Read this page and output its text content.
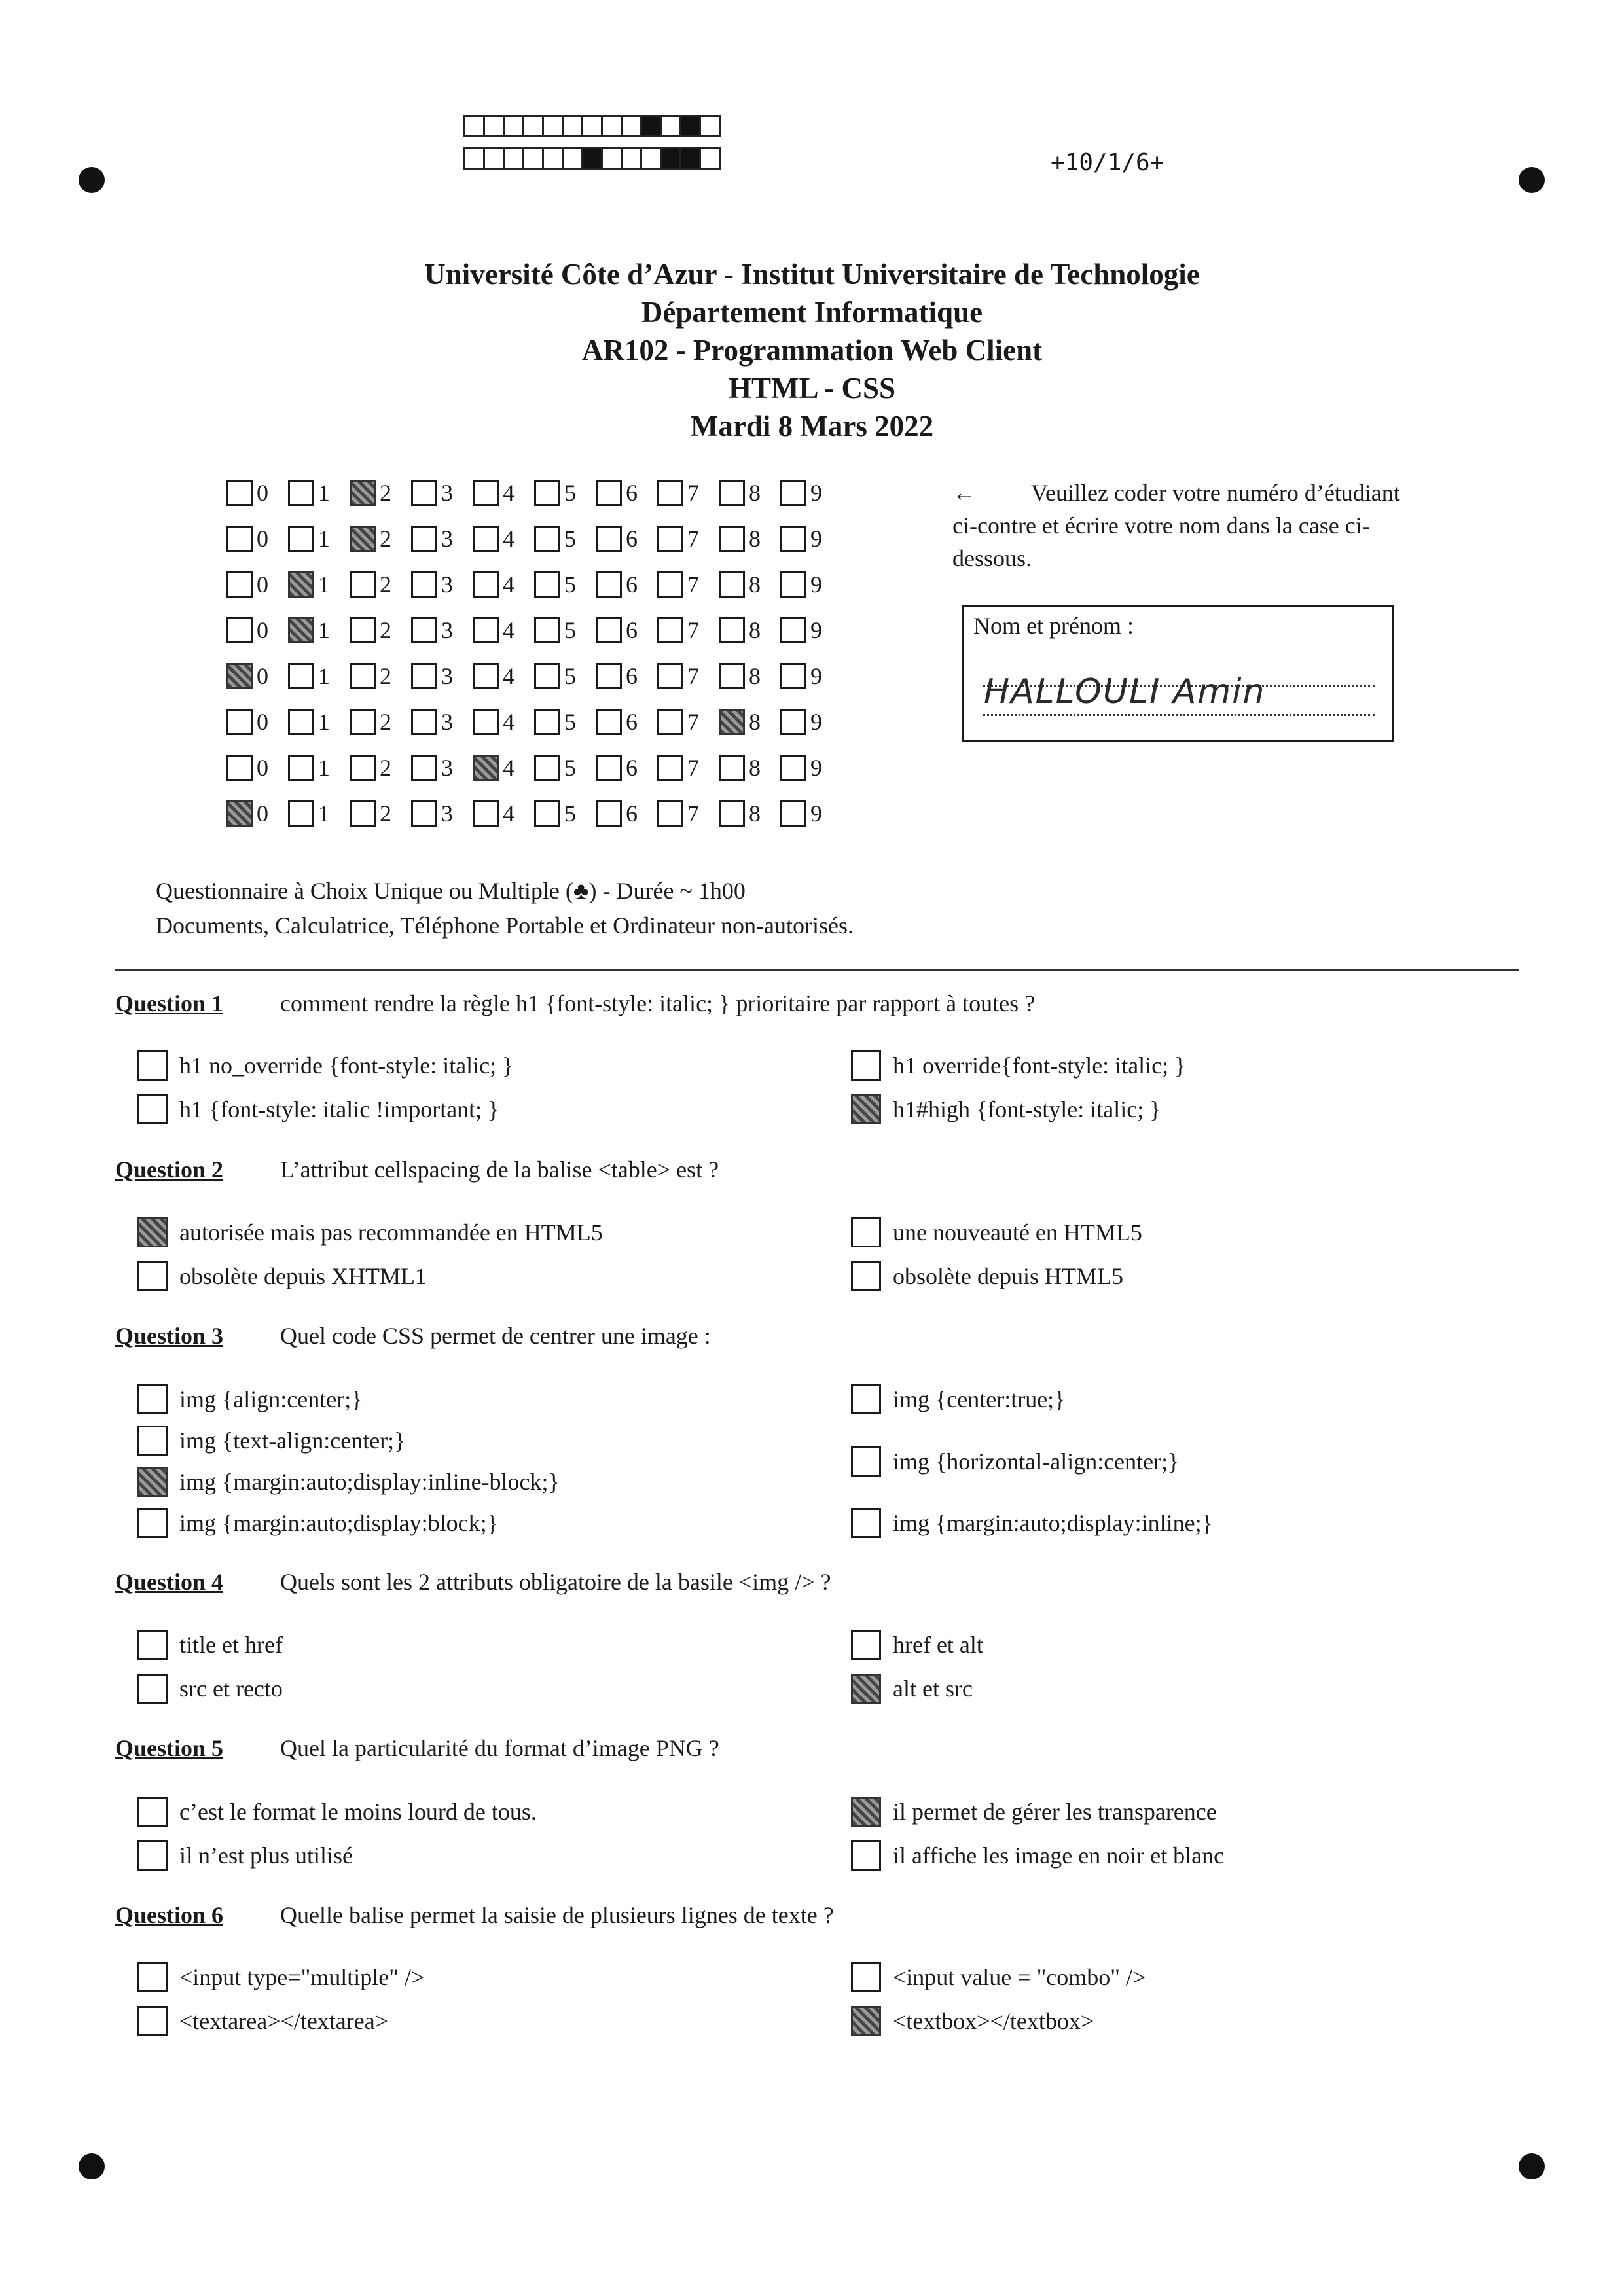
+10/1/6+
Université Côte d’Azur - Institut Universitaire de Technologie
Département Informatique
AR102 - Programmation Web Client
HTML - CSS
Mardi 8 Mars 2022
0 1 2 3 4 5 6 7 8 9
0 1 2 3 4 5 6 7 8 9
0 1 2 3 4 5 6 7 8 9
0 1 2 3 4 5 6 7 8 9
0 1 2 3 4 5 6 7 8 9
0 1 2 3 4 5 6 7 8 9
0 1 2 3 4 5 6 7 8 9
0 1 2 3 4 5 6 7 8 9
← Veuillez coder votre numéro d’étudiant ci-contre et écrire votre nom dans la case ci-dessous.
Nom et prénom :
HALLOULI Amin
Questionnaire à Choix Unique ou Multiple (♣) - Durée ~ 1h00
Documents, Calculatrice, Téléphone Portable et Ordinateur non-autorisés.
Question 1 comment rendre la règle h1 {font-style: italic; } prioritaire par rapport à toutes ?
h1 no_override {font-style: italic; }
h1 {font-style: italic !important; }
h1 override{font-style: italic; }
h1#high {font-style: italic; }
Question 2 L’attribut cellspacing de la balise <table> est ?
autorisée mais pas recommandée en HTML5
obsolète depuis XHTML1
une nouveauté en HTML5
obsolète depuis HTML5
Question 3 Quel code CSS permet de centrer une image :
img {align:center;}
img {text-align:center;}
img {margin:auto;display:inline-block;}
img {margin:auto;display:block;}
img {center:true;}
img {horizontal-align:center;}
img {margin:auto;display:inline;}
Question 4 Quels sont les 2 attributs obligatoire de la basile <img /> ?
title et href
src et recto
href et alt
alt et src
Question 5 Quel la particularité du format d’image PNG ?
c’est le format le moins lourd de tous.
il n’est plus utilisé
il permet de gérer les transparence
il affiche les image en noir et blanc
Question 6 Quelle balise permet la saisie de plusieurs lignes de texte ?
<input type="multiple" />
<textarea></textarea>
<input value = "combo" />
<textbox></textbox>
